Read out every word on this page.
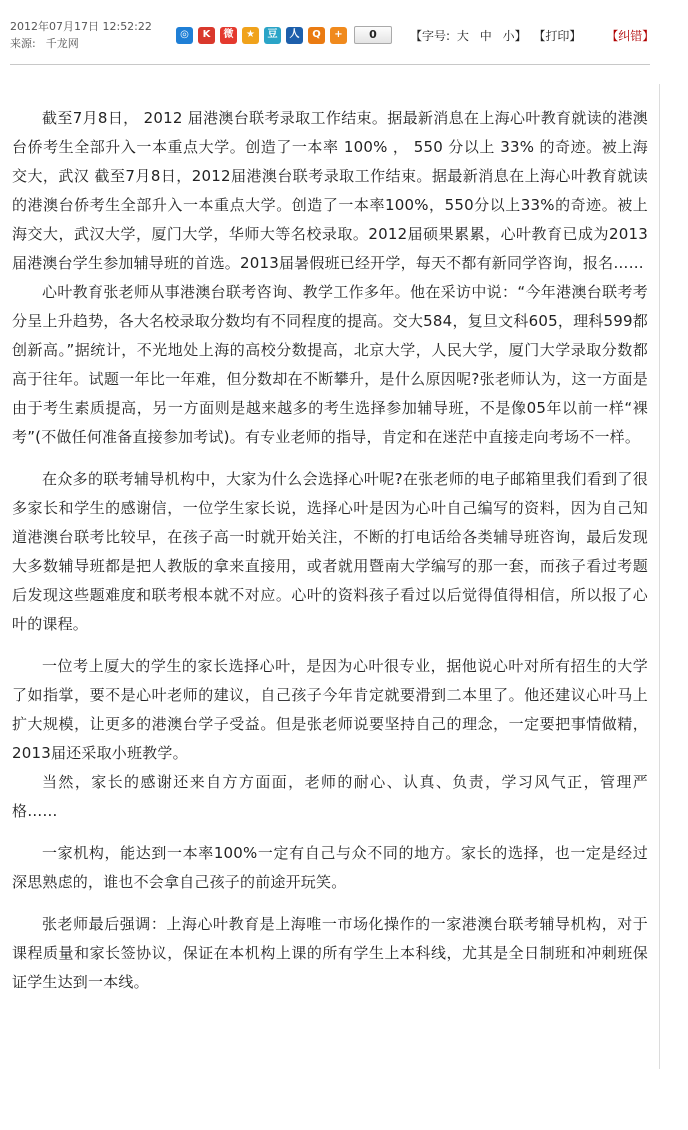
2012年07月17日 12:52:22
来源: 千龙网
◎	K	微	★	豆	人	Q	+	0	【字号: 大 中 小】 【打印】 【纠错】

截至7月8日， 2012 届港澳台联考录取工作结束。据最新消息在上海心叶教育就读的港澳台侨考生全部升入一本重点大学。创造了一本率 100% ， 550 分以上 33% 的奇迹。被上海交大，武汉 截至7月8日，2012届港澳台联考录取工作结束。据最新消息在上海心叶教育就读的港澳台侨考生全部升入一本重点大学。创造了一本率100%，550分以上33%的奇迹。被上海交大，武汉大学，厦门大学，华师大等名校录取。2012届硕果累累，心叶教育已成为2013届港澳台学生参加辅导班的首选。2013届暑假班已经开学，每天不都有新同学咨询，报名……

心叶教育张老师从事港澳台联考咨询、教学工作多年。他在采访中说：“今年港澳台联考考分呈上升趋势，各大名校录取分数均有不同程度的提高。交大584，复旦文科605，理科599都创新高。”据统计，不光地处上海的高校分数提高，北京大学，人民大学，厦门大学录取分数都高于往年。试题一年比一年难，但分数却在不断攀升，是什么原因呢?张老师认为，这一方面是由于考生素质提高，另一方面则是越来越多的考生选择参加辅导班，不是像05年以前一样“裸考”(不做任何准备直接参加考试)。有专业老师的指导，肯定和在迷茫中直接走向考场不一样。

在众多的联考辅导机构中，大家为什么会选择心叶呢?在张老师的电子邮箱里我们看到了很多家长和学生的感谢信，一位学生家长说，选择心叶是因为心叶自己编写的资料，因为自己知道港澳台联考比较早，在孩子高一时就开始关注，不断的打电话给各类辅导班咨询，最后发现大多数辅导班都是把人教版的拿来直接用，或者就用暨南大学编写的那一套，而孩子看过考题后发现这些题难度和联考根本就不对应。心叶的资料孩子看过以后觉得值得相信，所以报了心叶的课程。

一位考上厦大的学生的家长选择心叶，是因为心叶很专业，据他说心叶对所有招生的大学了如指掌，要不是心叶老师的建议，自己孩子今年肯定就要滑到二本里了。他还建议心叶马上扩大规模，让更多的港澳台学子受益。但是张老师说要坚持自己的理念，一定要把事情做精，2013届还采取小班教学。

当然，家长的感谢还来自方方面面，老师的耐心、认真、负责，学习风气正，管理严格……

一家机构，能达到一本率100%一定有自己与众不同的地方。家长的选择，也一定是经过深思熟虑的，谁也不会拿自己孩子的前途开玩笑。

张老师最后强调：上海心叶教育是上海唯一市场化操作的一家港澳台联考辅导机构，对于课程质量和家长签协议，保证在本机构上课的所有学生上本科线，尤其是全日制班和冲刺班保证学生达到一本线。
